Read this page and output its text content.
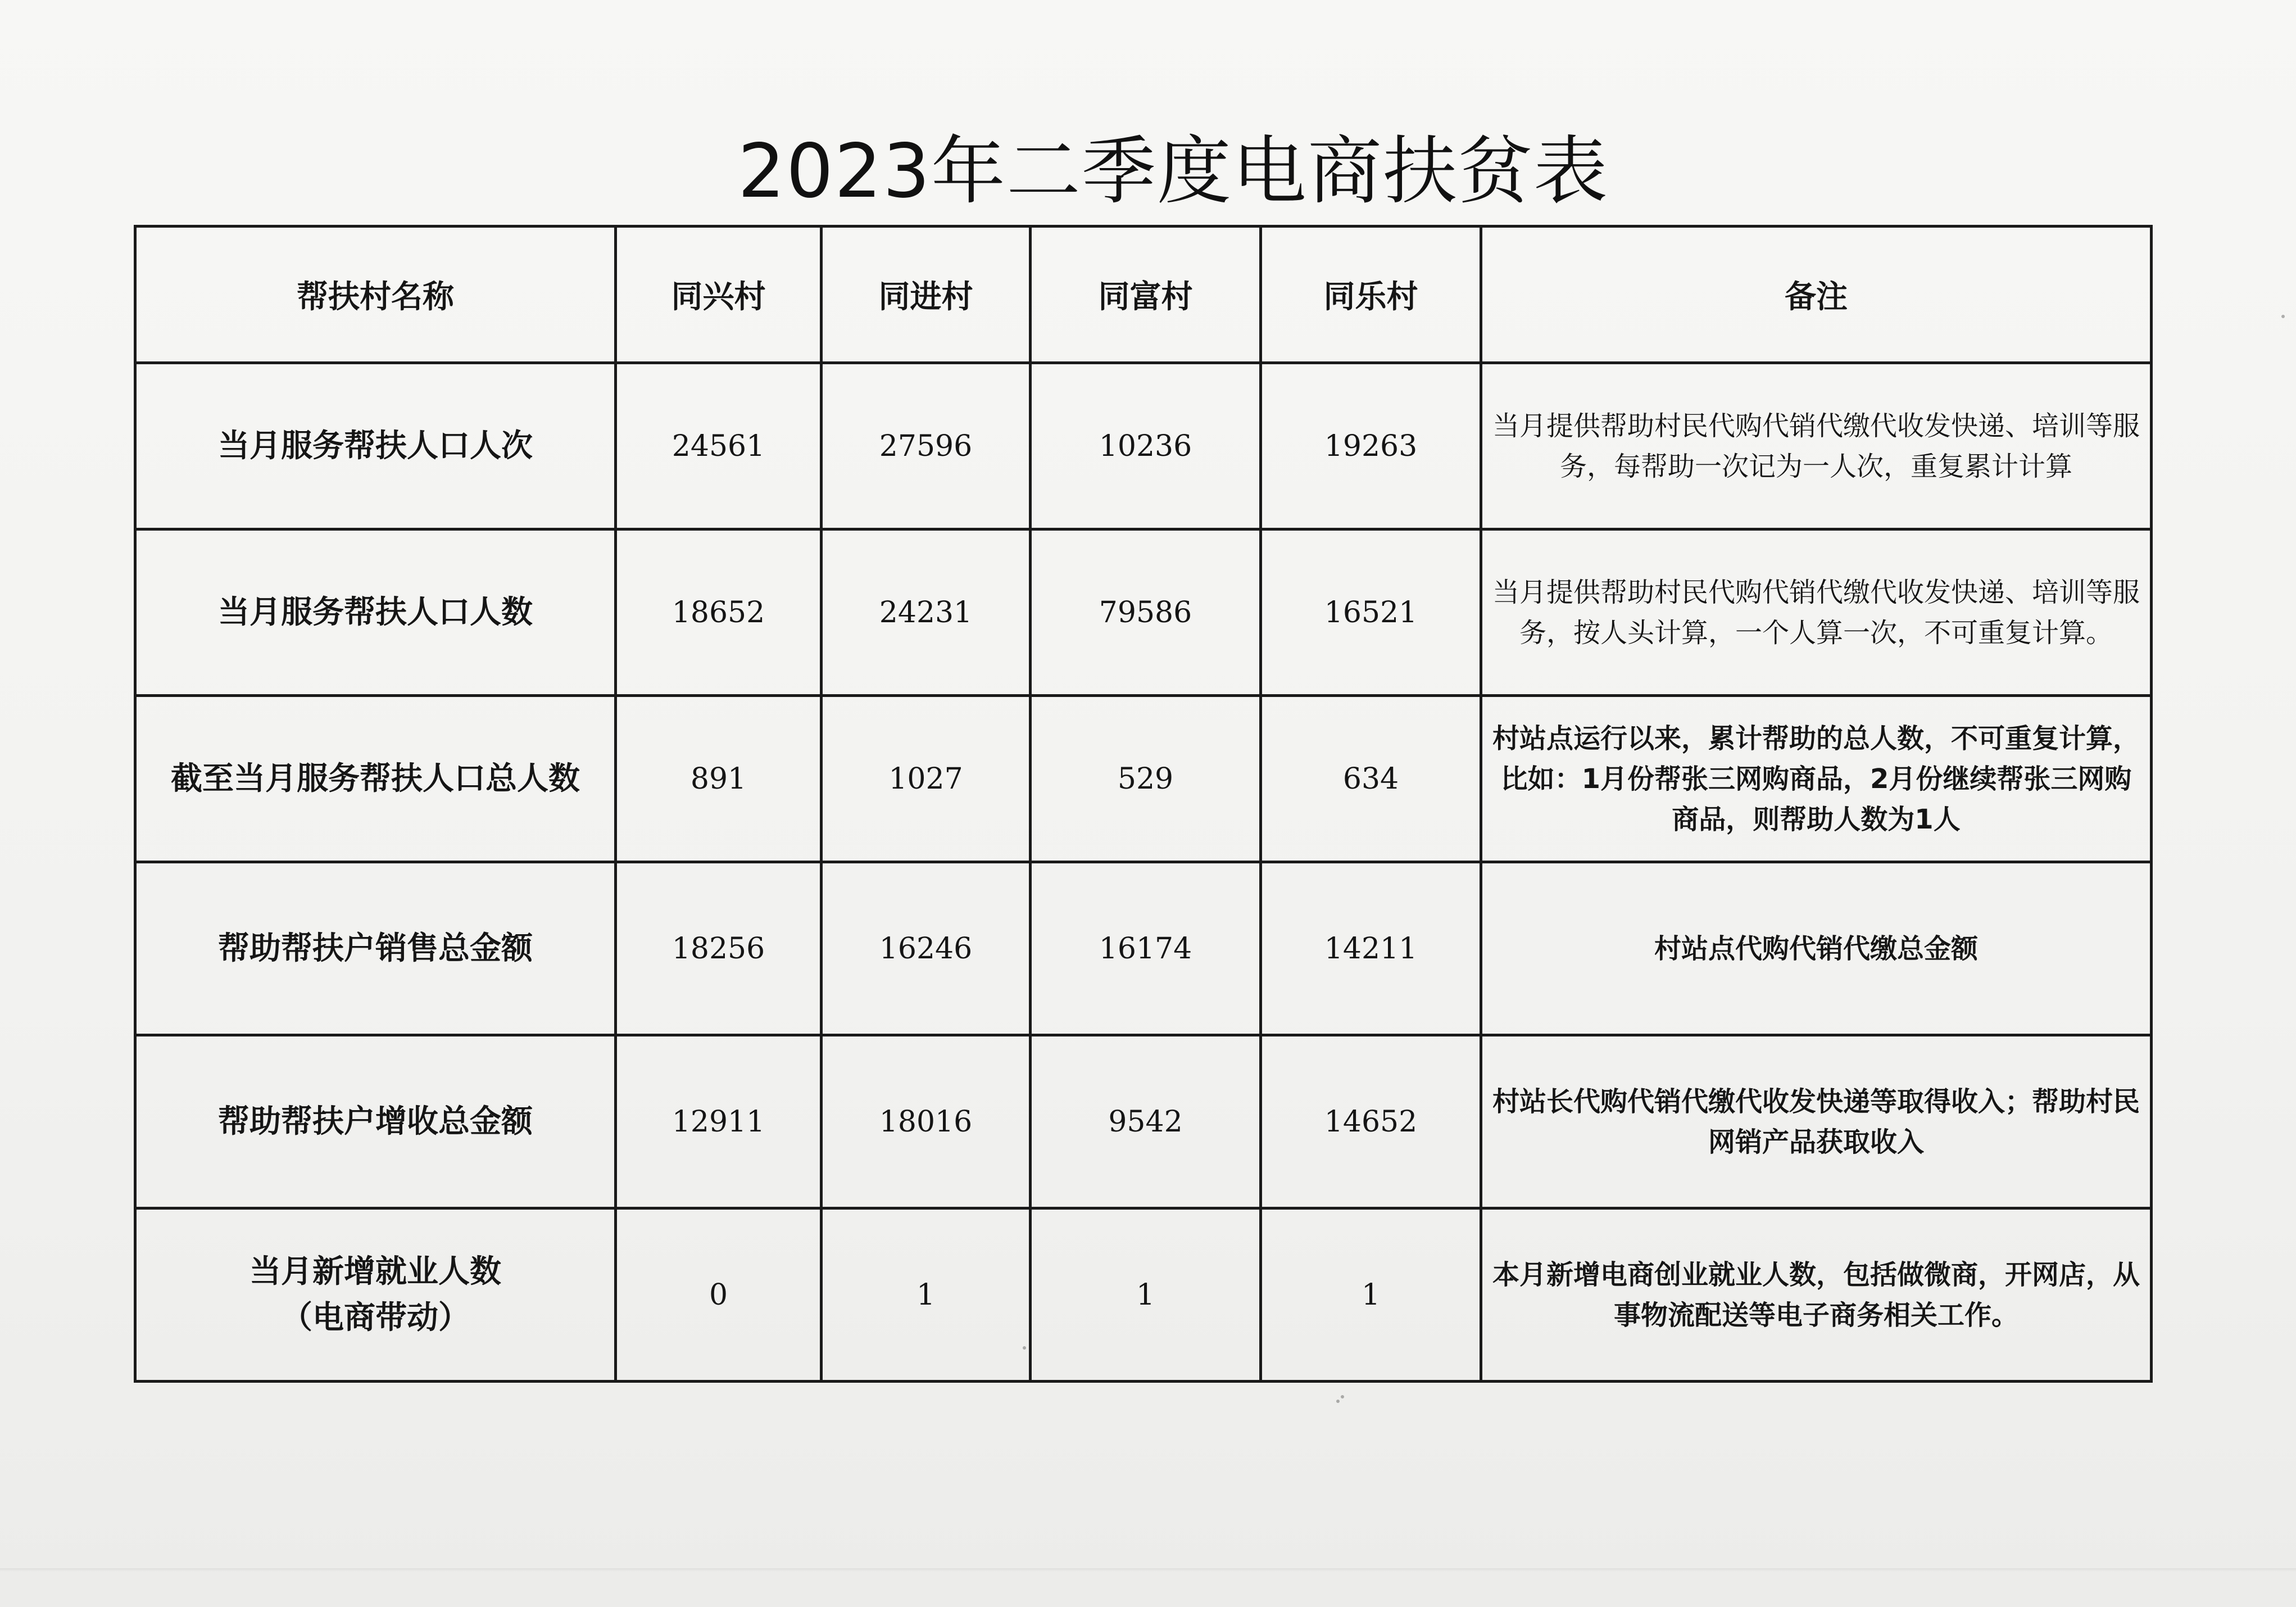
2023年二季度电商扶贫表
帮扶村名称	同兴村	同进村	同富村	同乐村	备注
当月服务帮扶人口人次	24561	27596	10236	19263	当月提供帮助村民代购代销代缴代收发快递、培训等服务，每帮助一次记为一人次，重复累计计算
当月服务帮扶人口人数	18652	24231	79586	16521	当月提供帮助村民代购代销代缴代收发快递、培训等服务，按人头计算，一个人算一次，不可重复计算。
截至当月服务帮扶人口总人数	891	1027	529	634	村站点运行以来，累计帮助的总人数，不可重复计算，比如：1月份帮张三网购商品，2月份继续帮张三网购商品，则帮助人数为1人
帮助帮扶户销售总金额	18256	16246	16174	14211	村站点代购代销代缴总金额
帮助帮扶户增收总金额	12911	18016	9542	14652	村站长代购代销代缴代收发快递等取得收入；帮助村民网销产品获取收入

当月新增就业人数
（电商带动）	0	1	1	1	本月新增电商创业就业人数，包括做微商，开网店，从事物流配送等电子商务相关工作。
